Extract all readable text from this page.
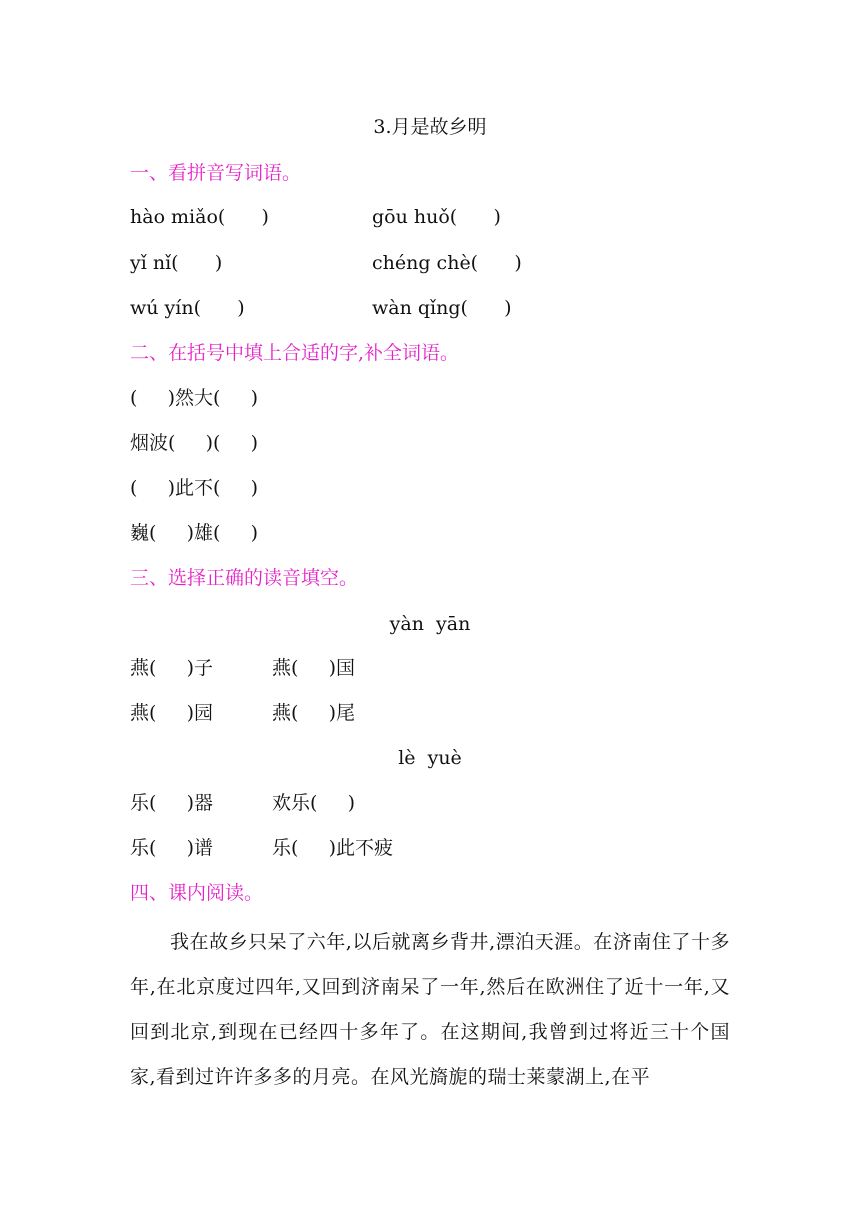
3.月是故乡明
一、看拼音写词语。
hào miǎo(      )	gōu huǒ(      )
yǐ nǐ(      )	chéng chè(      )
wú yín(      )	wàn qǐng(      )
二、在括号中填上合适的字,补全词语。
(     )然大(     )
烟波(     )(     )
(     )此不(     )
巍(     )雄(     )
三、选择正确的读音填空。
yàn  yān
燕(     )子	燕(     )国
燕(     )园	燕(     )尾
lè  yuè
乐(     )器	欢乐(     )
乐(     )谱	乐(     )此不疲
四、课内阅读。

我在故乡只呆了六年,以后就离乡背井,漂泊天涯。在济南住了十多年,在北京度过四年,又回到济南呆了一年,然后在欧洲住了近十一年,又回到北京,到现在已经四十多年了。在这期间,我曾到过将近三十个国家,看到过许许多多的月亮。在风光旖旎的瑞士莱蒙湖上,在平
